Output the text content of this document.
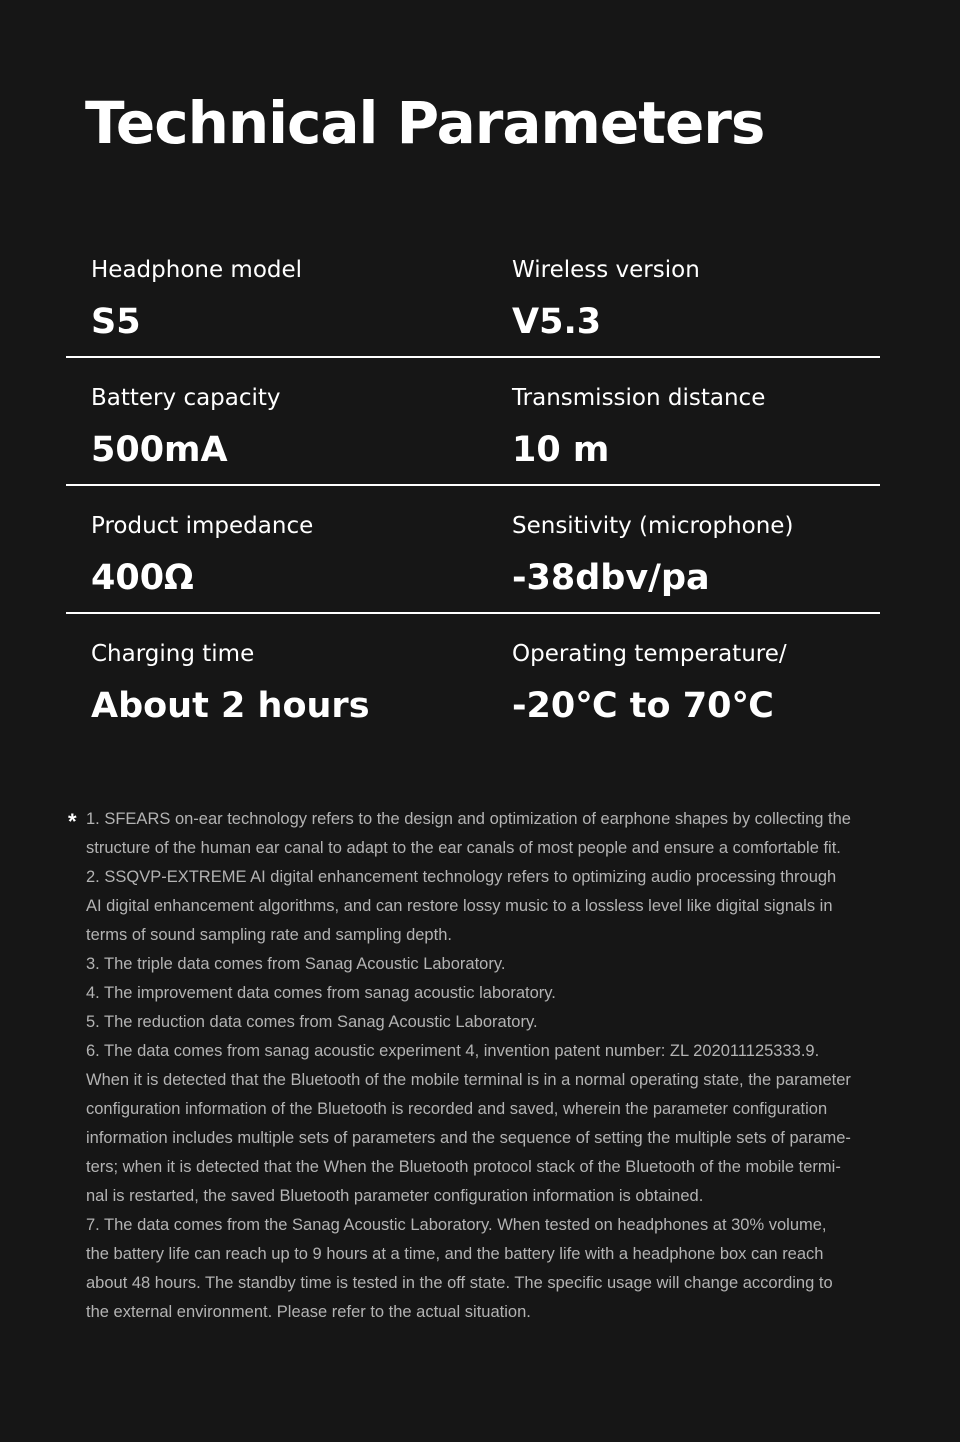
Technical Parameters
Headphone model
S5
Wireless version
V5.3
Battery capacity
500mA
Transmission distance
10 m
Product impedance
400Ω
Sensitivity (microphone)
-38dbv/pa
Charging time
About 2 hours
Operating temperature/
-20℃ to 70℃
* 1. SFEARS on-ear technology refers to the design and optimization of earphone shapes by collecting the
structure of the human ear canal to adapt to the ear canals of most people and ensure a comfortable fit.
2. SSQVP-EXTREME AI digital enhancement technology refers to optimizing audio processing through
AI digital enhancement algorithms, and can restore lossy music to a lossless level like digital signals in
terms of sound sampling rate and sampling depth.
3. The triple data comes from Sanag Acoustic Laboratory.
4. The improvement data comes from sanag acoustic laboratory.
5. The reduction data comes from Sanag Acoustic Laboratory.
6. The data comes from sanag acoustic experiment 4, invention patent number: ZL 202011125333.9.
When it is detected that the Bluetooth of the mobile terminal is in a normal operating state, the parameter
configuration information of the Bluetooth is recorded and saved, wherein the parameter configuration
information includes multiple sets of parameters and the sequence of setting the multiple sets of parame-
ters; when it is detected that the When the Bluetooth protocol stack of the Bluetooth of the mobile termi-
nal is restarted, the saved Bluetooth parameter configuration information is obtained.
7. The data comes from the Sanag Acoustic Laboratory. When tested on headphones at 30% volume,
the battery life can reach up to 9 hours at a time, and the battery life with a headphone box can reach
about 48 hours. The standby time is tested in the off state. The specific usage will change according to
the external environment. Please refer to the actual situation.
